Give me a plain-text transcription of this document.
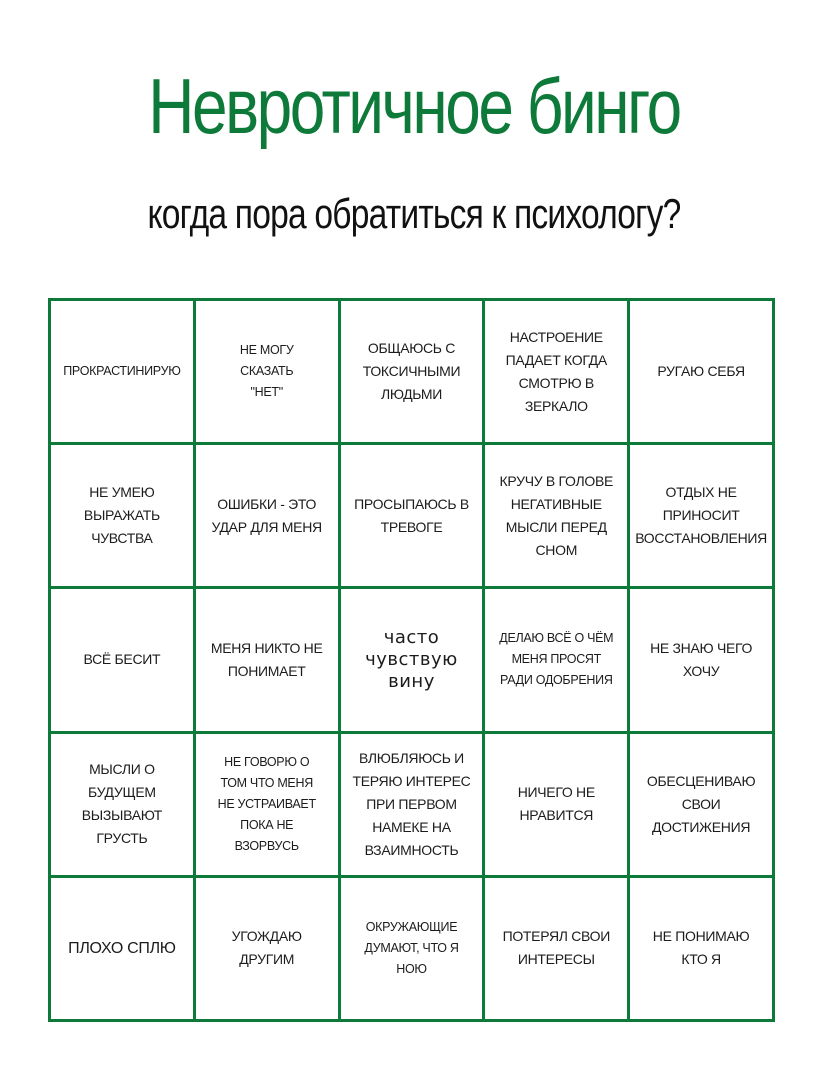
Невротичное бинго
когда пора обратиться к психологу?
ПРОКРАСТИНИРУЮ
НЕ МОГУ
СКАЗАТЬ
"НЕТ"
ОБЩАЮСЬ С
ТОКСИЧНЫМИ
ЛЮДЬМИ
НАСТРОЕНИЕ
ПАДАЕТ КОГДА
СМОТРЮ В
ЗЕРКАЛО
РУГАЮ СЕБЯ
НЕ УМЕЮ
ВЫРАЖАТЬ
ЧУВСТВА
ОШИБКИ - ЭТО
УДАР ДЛЯ МЕНЯ
ПРОСЫПАЮСЬ В
ТРЕВОГЕ
КРУЧУ В ГОЛОВЕ
НЕГАТИВНЫЕ
МЫСЛИ ПЕРЕД
СНОМ
ОТДЫХ НЕ
ПРИНОСИТ
ВОССТАНОВЛЕНИЯ
ВСЁ БЕСИТ
МЕНЯ НИКТО НЕ
ПОНИМАЕТ
часто
чувствую
вину
ДЕЛАЮ ВСЁ О ЧЁМ
МЕНЯ ПРОСЯТ
РАДИ ОДОБРЕНИЯ
НЕ ЗНАЮ ЧЕГО
ХОЧУ
МЫСЛИ О
БУДУЩЕМ
ВЫЗЫВАЮТ
ГРУСТЬ
НЕ ГОВОРЮ О
ТОМ ЧТО МЕНЯ
НЕ УСТРАИВАЕТ
ПОКА НЕ
ВЗОРВУСЬ
ВЛЮБЛЯЮСЬ И
ТЕРЯЮ ИНТЕРЕС
ПРИ ПЕРВОМ
НАМЕКЕ НА
ВЗАИМНОСТЬ
НИЧЕГО НЕ
НРАВИТСЯ
ОБЕСЦЕНИВАЮ
СВОИ
ДОСТИЖЕНИЯ
ПЛОХО СПЛЮ
УГОЖДАЮ
ДРУГИМ
ОКРУЖАЮЩИЕ
ДУМАЮТ, ЧТО Я
НОЮ
ПОТЕРЯЛ СВОИ
ИНТЕРЕСЫ
НЕ ПОНИМАЮ
КТО Я
